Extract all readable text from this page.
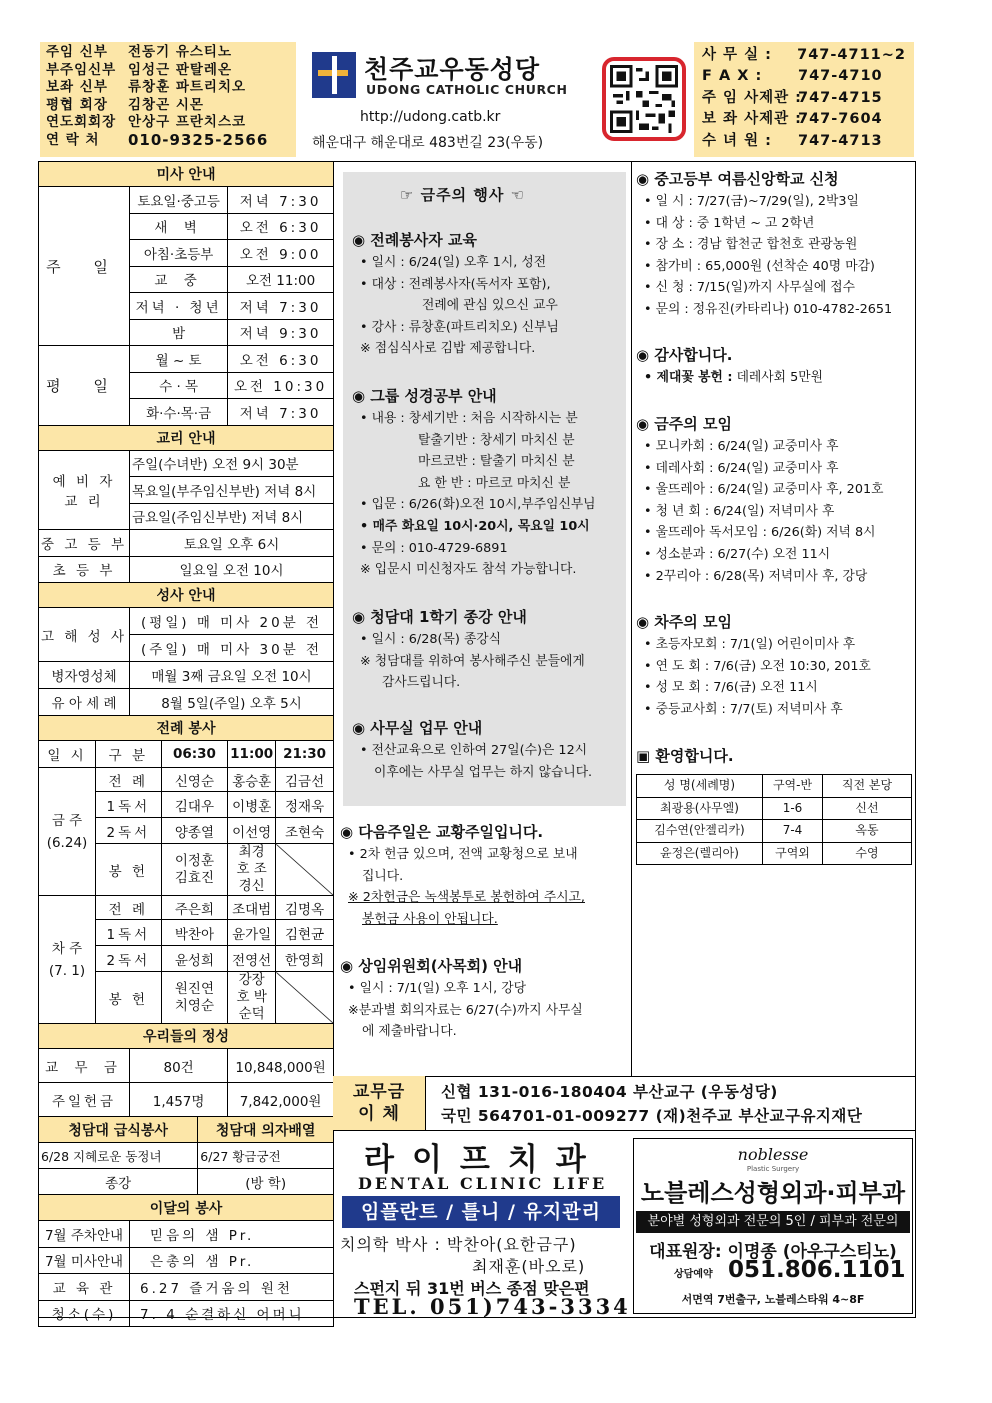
주임 신부	전동기 유스티노
부주임신부 임성근 판탈레온
보좌 신부	류창훈 파트리치오
평협 회장	김창곤 시몬
연도회회장 안상구 프란치스코
연 락 처	010-9325-2566
천주교우동성당
UDONG CATHOLIC CHURCH
http://udong.catb.kr
해운대구 해운대로 483번길 23(우동)
사 무 실 :	747-4711~2
F A X :	747-4710
주 임 사제관 :
747-4715
보 좌 사제관 :
747-7604
수 녀 원 :	747-4713
미사 안내						
주 일		토요일·중고등			저녁 7:30	
		새 벽			오전 6:30	
		아침·초등부			오전 9:00	
		교 중			오전 11:00	
		저녁 · 청년			저녁 7:30	
		밤			저녁 9:30	
평 일		월 ~ 토			오전 6:30	
		수 · 목			오전 10:30	
		화·수·목·금			저녁 7:30	
교리 안내						
예 비 자 교 리		주일(수녀반) 오전 9시 30분				
		목요일(부주임신부반) 저녁 8시				
		금요일(주임신부반) 저녁 8시				
중 고 등 부		토요일 오후 6시				
초 등 부		일요일 오전 10시				
성사 안내						
고 해 성 사		(평일) 매 미사 20분 전				
		(주일) 매 미사 30분 전				
병자영성체		매월 3째 금요일 오전 10시				
유 아 세 례		8월 5일(주일) 오후 5시				
전례 봉사						
일 시	구 분		06:30		11:00	21:30
금 주
(6.24)	전 례		신영순		홍승훈	김금선
	1독서		김대우		이병훈	정재욱
	2독서		양종열		이선영	조현숙
	봉 헌		이정훈 김효진		최경호 조경신	
차 주
(7. 1)	전 례		주은희		조대범	김명옥
	1독서		박찬아		윤가일	김현균
	2독서		윤성희		전영선	한영희
	봉 헌		원진연 치영순		강장호 박순덕	
우리들의 정성						
교 무 금		80건			10,848,000원	
주일헌금		1,457명			7,842,000원	
청담대 급식봉사				청담대 의자배열		
6/28 지혜로운 동정녀				6/27 황금궁전		
종강				(방 학)		
이달의 봉사						
7월 주차안내		믿음의 샘 Pr.				
7월 미사안내		은총의 샘 Pr.				
교 육 관		6.27 즐거움의 원천				
청소(수)		7. 4 순결하신 어머니				
☞ 금주의 행사 ☜
◉ 전례봉사자 교육
• 일시 : 6/24(일) 오후 1시, 성전
• 대상 : 전례봉사자(독서자 포함),
전례에 관심 있으신 교우
• 강사 : 류창훈(파트리치오) 신부님
※ 점심식사로 김밥 제공합니다.
◉ 그룹 성경공부 안내
• 내용 : 창세기반 : 처음 시작하시는 분
탈출기반 : 창세기 마치신 분
마르코반 : 탈출기 마치신 분
요 한 반 : 마르코 마치신 분
• 입문 : 6/26(화)오전 10시,부주임신부님
• 매주 화요일 10시·20시, 목요일 10시
• 문의 : 010-4729-6891
※ 입문시 미신청자도 참석 가능합니다.
◉ 청담대 1학기 종강 안내
• 일시 : 6/28(목) 종강식
※ 청담대를 위하여 봉사해주신 분들에게
감사드립니다.
◉ 사무실 업무 안내
• 전산교육으로 인하여 27일(수)은 12시
이후에는 사무실 업무는 하지 않습니다.
◉ 다음주일은 교황주일입니다.
• 2차 헌금 있으며, 전액 교황청으로 보내
집니다.
※ 2차헌금은 녹색봉투로 봉헌하여 주시고,
봉헌금 사용이 안됩니다.
◉ 상임위원회(사목회) 안내
• 일시 : 7/1(일) 오후 1시, 강당
※분과별 회의자료는 6/27(수)까지 사무실
에 제출바랍니다.
◉ 중고등부 여름신앙학교 신청
• 일 시 : 7/27(금)~7/29(일), 2박3일
• 대 상 : 중 1학년 ~ 고 2학년
• 장 소 : 경남 합천군 합천호 관광농원
• 참가비 : 65,000원 (선착순 40명 마감)
• 신 청 : 7/15(일)까지 사무실에 접수
• 문의 : 정유진(카타리나) 010-4782-2651
◉ 감사합니다.
• 제대꽃 봉헌 : 데레사회 5만원
◉ 금주의 모임
• 모니카회 : 6/24(일) 교중미사 후
• 데레사회 : 6/24(일) 교중미사 후
• 울뜨레아 : 6/24(일) 교중미사 후, 201호
• 청 년 회 : 6/24(일) 저녁미사 후
• 울뜨레아 독서모임 : 6/26(화) 저녁 8시
• 성소분과 : 6/27(수) 오전 11시
• 2꾸리아 : 6/28(목) 저녁미사 후, 강당
◉ 차주의 모임
• 초등자모회 : 7/1(일) 어린이미사 후
• 연 도 회 : 7/6(금) 오전 10:30, 201호
• 성 모 회 : 7/6(금) 오전 11시
• 중등교사회 : 7/7(토) 저녁미사 후
▣ 환영합니다.
성 명(세례명)	구역-반	직전 본당
최광용(사무엘)	1-6	신선
김수연(안젤리카)	7-4	옥동
윤정은(렐리아)	구역외	수영
교무금
이 체
신협 131-016-180404 부산교구 (우동성당)
국민 564701-01-009277 (재)천주교 부산교구유지재단
라이프치과
DENTAL CLINIC LIFE
임플란트 / 틀니 / 유지관리
치의학 박사 : 박찬아(요한금구)
최재훈(바오로)
스펀지 뒤 31번 버스 종점 맞은편
TEL. 051)743-3334
noblesse
Plastic Surgery
노블레스성형외과·피부과
분야별 성형외과 전문의 5인 / 피부과 전문의
대표원장: 이명종 (아우구스티노)
상담예약 051.806.1101
서면역 7번출구, 노블레스타워 4~8F
